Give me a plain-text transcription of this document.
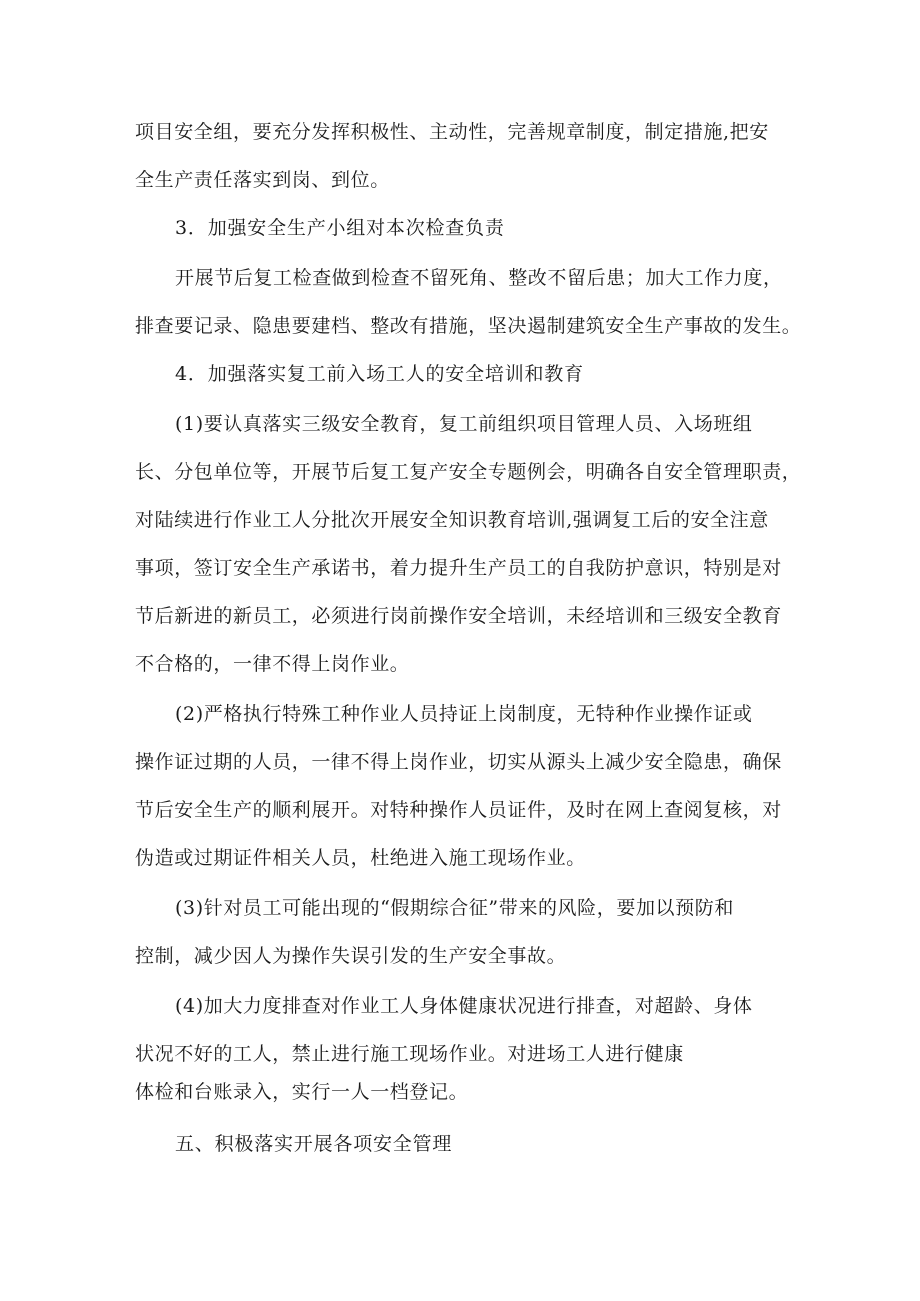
项目安全组，要充分发挥积极性、主动性，完善规章制度，制定措施,把安
全生产责任落实到岗、到位。
3．加强安全生产小组对本次检查负责
开展节后复工检查做到检查不留死角、整改不留后患；加大工作力度，
排查要记录、隐患要建档、整改有措施，坚决遏制建筑安全生产事故的发生。
4．加强落实复工前入场工人的安全培训和教育
(1)要认真落实三级安全教育，复工前组织项目管理人员、入场班组
长、分包单位等，开展节后复工复产安全专题例会，明确各自安全管理职责，
对陆续进行作业工人分批次开展安全知识教育培训,强调复工后的安全注意
事项，签订安全生产承诺书，着力提升生产员工的自我防护意识，特别是对
节后新进的新员工，必须进行岗前操作安全培训，未经培训和三级安全教育
不合格的，一律不得上岗作业。
(2)严格执行特殊工种作业人员持证上岗制度，无特种作业操作证或
操作证过期的人员，一律不得上岗作业，切实从源头上减少安全隐患，确保
节后安全生产的顺利展开。对特种操作人员证件，及时在网上查阅复核，对
伪造或过期证件相关人员，杜绝进入施工现场作业。
(3)针对员工可能出现的“假期综合征”带来的风险，要加以预防和
控制，减少因人为操作失误引发的生产安全事故。
(4)加大力度排查对作业工人身体健康状况进行排查，对超龄、身体
状况不好的工人，禁止进行施工现场作业。对进场工人进行健康
体检和台账录入，实行一人一档登记。
五、积极落实开展各项安全管理
